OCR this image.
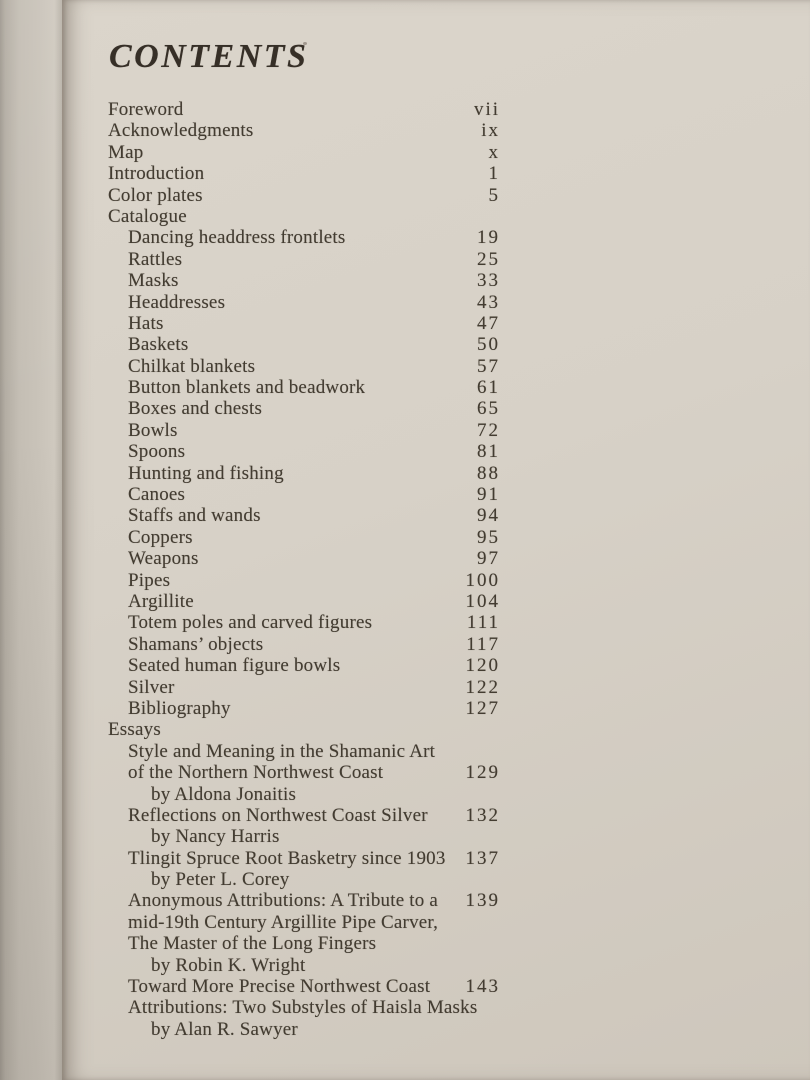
CONTENTS
Foreword	vii
Acknowledgments	ix
Map	x
Introduction	1
Color plates	5
Catalogue
Dancing headdress frontlets	19
Rattles	25
Masks	33
Headdresses	43
Hats	47
Baskets	50
Chilkat blankets	57
Button blankets and beadwork	61
Boxes and chests	65
Bowls	72
Spoons	81
Hunting and fishing	88
Canoes	91
Staffs and wands	94
Coppers	95
Weapons	97
Pipes	100
Argillite	104
Totem poles and carved figures	111
Shamans’ objects	117
Seated human figure bowls	120
Silver	122
Bibliography	127
Essays
Style and Meaning in the Shamanic Art
of the Northern Northwest Coast	129
by Aldona Jonaitis
Reflections on Northwest Coast Silver 132
by Nancy Harris
Tlingit Spruce Root Basketry since 1903 137
by Peter L. Corey
Anonymous Attributions: A Tribute to a 139
mid-19th Century Argillite Pipe Carver,
The Master of the Long Fingers
by Robin K. Wright
Toward More Precise Northwest Coast 143
Attributions: Two Substyles of Haisla Masks
by Alan R. Sawyer
